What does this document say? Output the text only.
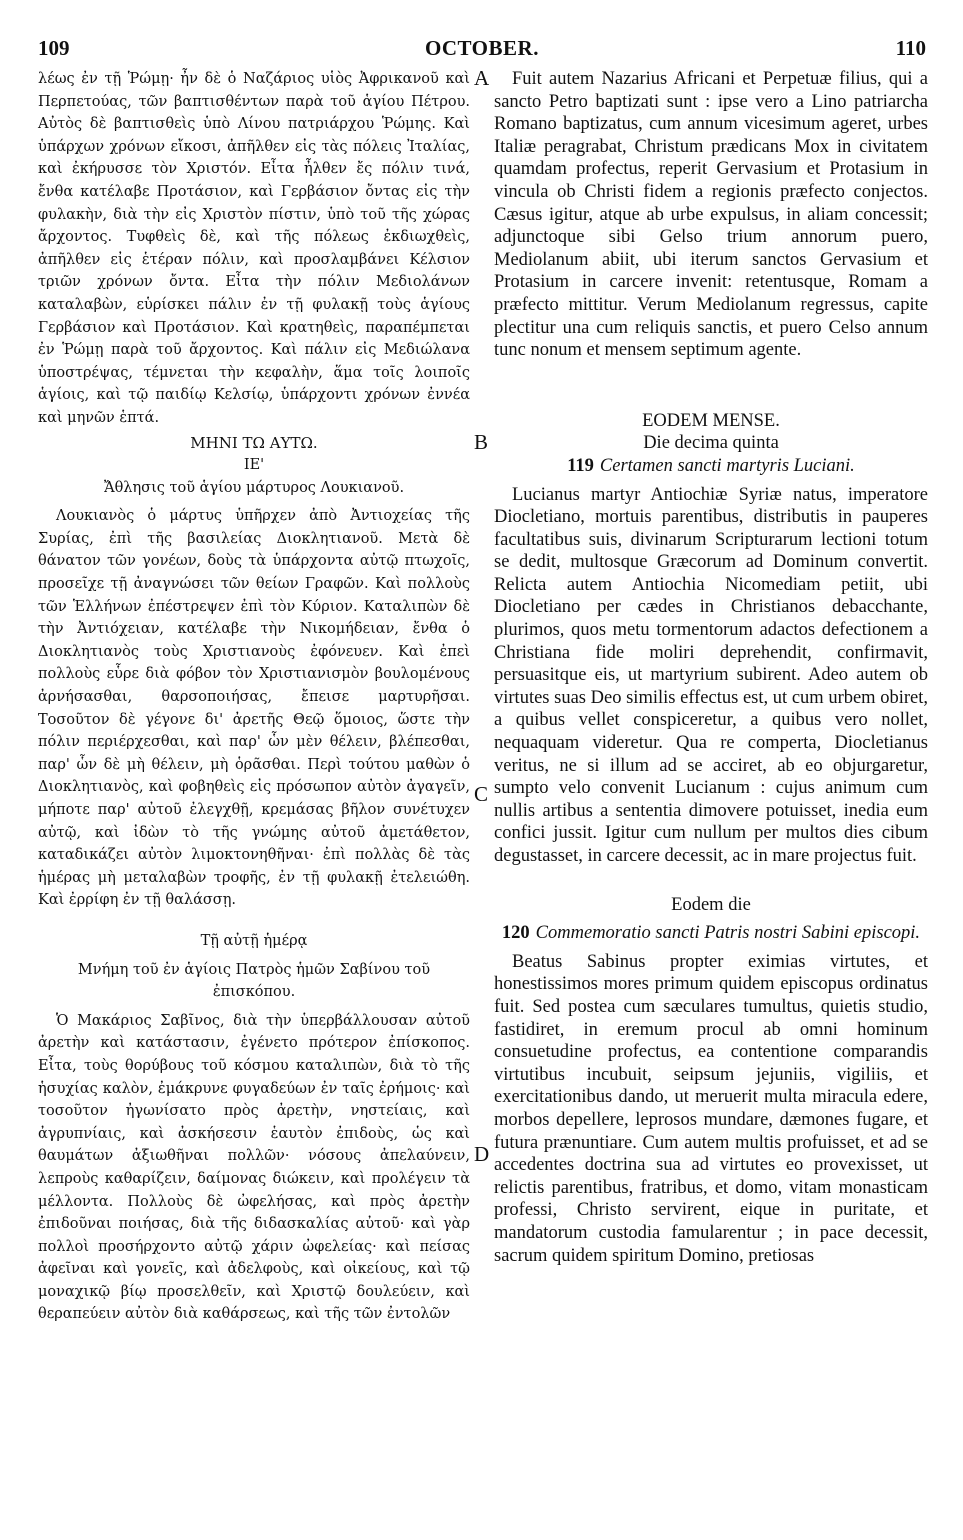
109	OCTOBER.	110

λέως ἐν τῇ Ῥώμῃ· ἦν δὲ ὁ Ναζάριος υἱὸς Ἀφρικανοῦ καὶ Περπετούας, τῶν βαπτισθέντων παρὰ τοῦ ἁγίου Πέτρου. Αὐτὸς δὲ βαπτισθεὶς ὑπὸ Λίνου πατριάρχου Ῥώμης. Καὶ ὑπάρχων χρόνων εἴκοσι, ἀπῆλθεν εἰς τὰς πόλεις Ἰταλίας, καὶ ἐκήρυσσε τὸν Χριστόν. Εἶτα ἦλθεν ἔς πόλιν τινά, ἔνθα κατέλαβε Προτάσιον, καὶ Γερβάσιον ὄντας εἰς τὴν φυλακὴν, διὰ τὴν εἰς Χριστὸν πίστιν, ὑπὸ τοῦ τῆς χώρας ἄρχοντος. Τυφθεὶς δὲ, καὶ τῆς πόλεως ἐκδιωχθεὶς, ἀπῆλθεν εἰς ἑτέραν πόλιν, καὶ προσλαμβάνει Κέλσιον τριῶν χρόνων ὄντα. Εἶτα τὴν πόλιν Μεδιολάνων καταλαβὼν, εὑρίσκει πάλιν ἐν τῇ φυλακῇ τοὺς ἁγίους Γερβάσιον καὶ Προτάσιον. Καὶ κρατηθεὶς, παραπέμπεται ἐν Ῥώμῃ παρὰ τοῦ ἄρχοντος. Καὶ πάλιν εἰς Μεδιώλανα ὑποστρέψας, τέμνεται τὴν κεφαλὴν, ἅμα τοῖς λοιποῖς ἁγίοις, καὶ τῷ παιδίῳ Κελσίῳ, ὑπάρχοντι χρόνων ἐννέα καὶ μηνῶν ἑπτά.

ΜΗΝΙ ΤΩ ΑΥΤΩ.

ΙΕ'

Ἄθλησις τοῦ ἁγίου μάρτυρος Λουκιανοῦ.

Λουκιανὸς ὁ μάρτυς ὑπῆρχεν ἀπὸ Ἀντιοχείας τῆς Συρίας, ἐπὶ τῆς βασιλείας Διοκλητιανοῦ. Μετὰ δὲ θάνατον τῶν γονέων, δοὺς τὰ ὑπάρχοντα αὐτῷ πτωχοῖς, προσεῖχε τῇ ἀναγνώσει τῶν θείων Γραφῶν. Καὶ πολλοὺς τῶν Ἑλλήνων ἐπέστρεψεν ἐπὶ τὸν Κύριον. Καταλιπὼν δὲ τὴν Ἀντιόχειαν, κατέλαβε τὴν Νικομήδειαν, ἔνθα ὁ Διοκλητιανὸς τοὺς Χριστιανοὺς ἐφόνευεν. Καὶ ἐπεὶ πολλοὺς εὗρε διὰ φόβον τὸν Χριστιανισμὸν βουλομένους ἀρνήσασθαι, θαρσοποιήσας, ἔπεισε μαρτυρῆσαι. Τοσοῦτον δὲ γέγονε δι' ἀρετῆς Θεῷ ὅμοιος, ὥστε τὴν πόλιν περιέρχεσθαι, καὶ παρ' ὧν μὲν θέλειν, βλέπεσθαι, παρ' ὧν δὲ μὴ θέλειν, μὴ ὁρᾶσθαι. Περὶ τούτου μαθὼν ὁ Διοκλητιανὸς, καὶ φοβηθεὶς εἰς πρόσωπον αὐτὸν ἀγαγεῖν, μήποτε παρ' αὐτοῦ ἐλεγχθῇ, κρεμάσας βῆλον συνέτυχεν αὐτῷ, καὶ ἰδὼν τὸ τῆς γνώμης αὐτοῦ ἀμετάθετον, καταδικάζει αὐτὸν λιμοκτονηθῆναι· ἐπὶ πολλὰς δὲ τὰς ἡμέρας μὴ μεταλαβὼν τροφῆς, ἐν τῇ φυλακῇ ἐτελειώθη. Καὶ ἐρρίφη ἐν τῇ θαλάσσῃ.

Τῇ αὐτῇ ἡμέρᾳ

Μνήμη τοῦ ἐν ἁγίοις Πατρὸς ἡμῶν Σαβίνου τοῦ ἐπισκόπου.

Ὁ Μακάριος Σαβῖνος, διὰ τὴν ὑπερβάλλουσαν αὐτοῦ ἀρετὴν καὶ κατάστασιν, ἐγένετο πρότερον ἐπίσκοπος. Εἶτα, τοὺς θορύβους τοῦ κόσμου καταλιπὼν, διὰ τὸ τῆς ἡσυχίας καλὸν, ἐμάκρυνε φυγαδεύων ἐν ταῖς ἐρήμοις· καὶ τοσοῦτον ἠγωνίσατο πρὸς ἀρετὴν, νηστείαις, καὶ ἀγρυπνίαις, καὶ ἀσκήσεσιν ἑαυτὸν ἐπιδοὺς, ὡς καὶ θαυμάτων ἀξιωθῆναι πολλῶν· νόσους ἀπελαύνειν, λεπροὺς καθαρίζειν, δαίμονας διώκειν, καὶ προλέγειν τὰ μέλλοντα. Πολλοὺς δὲ ὠφελήσας, καὶ πρὸς ἀρετὴν ἐπιδοῦναι ποιήσας, διὰ τῆς διδασκαλίας αὐτοῦ· καὶ γὰρ πολλοὶ προσήρχοντο αὐτῷ χάριν ὠφελείας· καὶ πείσας ἀφεῖναι καὶ γονεῖς, καὶ ἀδελφοὺς, καὶ οἰκείους, καὶ τῷ μοναχικῷ βίῳ προσελθεῖν, καὶ Χριστῷ δουλεύειν, καὶ θεραπεύειν αὐτὸν διὰ καθάρσεως, καὶ τῆς τῶν ἐντολῶν

Fuit autem Nazarius Africani et Perpetuæ filius, qui a sancto Petro baptizati sunt : ipse vero a Lino patriarcha Romano baptizatus, cum annum vicesimum ageret, urbes Italiæ peragrabat, Christum prædicans Mox in civitatem quamdam profectus, reperit Gervasium et Protasium in vincula ob Christi fidem a regionis præfecto conjectos. Cæsus igitur, atque ab urbe expulsus, in aliam concessit; adjunctoque sibi Gelso trium annorum puero, Mediolanum abiit, ubi iterum sanctos Gervasium et Protasium in carcere invenit: retentusque, Romam a præfecto mittitur. Verum Mediolanum regressus, capite plectitur una cum reliquis sanctis, et puero Celso annum tunc nonum et mensem septimum agente.

EODEM MENSE.

Die decima quinta

119 Certamen sancti martyris Luciani.

Lucianus martyr Antiochiæ Syriæ natus, imperatore Diocletiano, mortuis parentibus, distributis in pauperes facultatibus suis, divinarum Scripturarum lectioni totum se dedit, multosque Græcorum ad Dominum convertit. Relicta autem Antiochia Nicomediam petiit, ubi Diocletiano per cædes in Christianos debacchante, plurimos, quos metu tormentorum adactos defectionem a Christiana fide moliri deprehendit, confirmavit, persuasitque eis, ut martyrium subirent. Adeo autem ob virtutes suas Deo similis effectus est, ut cum urbem obiret, a quibus vellet conspiceretur, a quibus vero nollet, nequaquam videretur. Qua re comperta, Diocletianus veritus, ne si illum ad se acciret, ab eo objurgaretur, sumpto velo convenit Lucianum : cujus animum cum nullis artibus a sententia dimovere potuisset, inedia eum confici jussit. Igitur cum nullum per multos dies cibum degustasset, in carcere decessit, ac in mare projectus fuit.

Eodem die

120 Commemoratio sancti Patris nostri Sabini episcopi.

Beatus Sabinus propter eximias virtutes, et honestissimos mores primum quidem episcopus ordinatus fuit. Sed postea cum sæculares tumultus, quietis studio, fastidiret, in eremum procul ab omni hominum consuetudine profectus, ea contentione comparandis virtutibus incubuit, seipsum jejuniis, vigiliis, et exercitationibus dando, ut meruerit multa miracula edere, morbos depellere, leprosos mundare, dæmones fugare, et futura prænuntiare. Cum autem multis profuisset, et ad se accedentes doctrina sua ad virtutes eo provexisset, ut relictis parentibus, fratribus, et domo, vitam monasticam professi, Christo servirent, eique in puritate, et mandatorum custodia famularentur ; in pace decessit, sacrum quidem spiritum Domino, pretiosas

A
B
C
D
